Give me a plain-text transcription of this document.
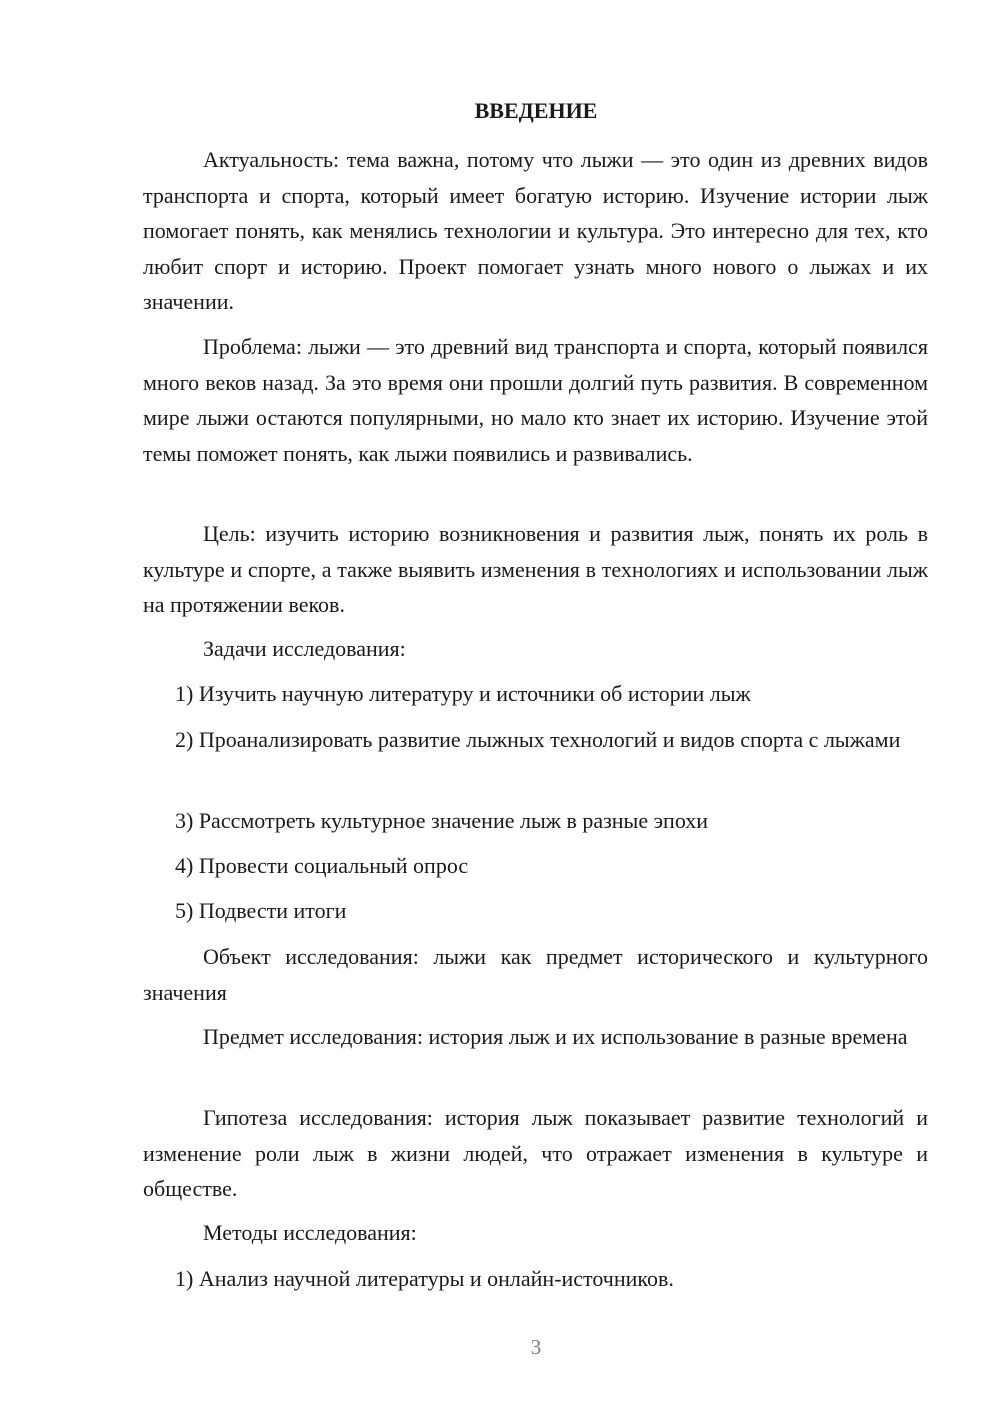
ВВЕДЕНИЕ

Актуальность: тема важна, потому что лыжи — это один из древних видов транспорта и спорта, который имеет богатую историю. Изучение истории лыж помогает понять, как менялись технологии и культура. Это интересно для тех, кто любит спорт и историю. Проект помогает узнать много нового о лыжах и их значении.

Проблема: лыжи — это древний вид транспорта и спорта, который появился много веков назад. За это время они прошли долгий путь развития. В современном мире лыжи остаются популярными, но мало кто знает их историю. Изучение этой темы поможет понять, как лыжи появились и развивались.

Цель: изучить историю возникновения и развития лыж, понять их роль в культуре и спорте, а также выявить изменения в технологиях и использовании лыж на протяжении веков.

Задачи исследования:

1) Изучить научную литературу и источники об истории лыж

2) Проанализировать развитие лыжных технологий и видов спорта с лыжами

3) Рассмотреть культурное значение лыж в разные эпохи

4) Провести социальный опрос

5) Подвести итоги

Объект исследования: лыжи как предмет исторического и культурного значения

Предмет исследования: история лыж и их использование в разные времена

Гипотеза исследования: история лыж показывает развитие технологий и изменение роли лыж в жизни людей, что отражает изменения в культуре и обществе.

Методы исследования:

1) Анализ научной литературы и онлайн-источников.

3
